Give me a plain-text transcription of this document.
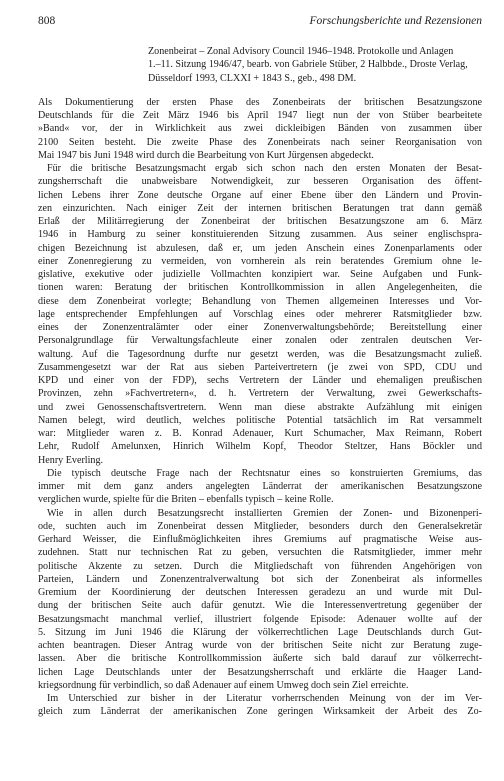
808	Forschungsberichte und Rezensionen
Zonenbeirat – Zonal Advisory Council 1946–1948. Protokolle und Anlagen
1.–11. Sitzung 1946/47, bearb. von Gabriele Stüber, 2 Halbbde., Droste Verlag,
Düsseldorf 1993, CLXXI + 1843 S., geb., 498 DM.
Als Dokumentierung der ersten Phase des Zonenbeirats der britischen Besatzungszone
Deutschlands für die Zeit März 1946 bis April 1947 liegt nun der von Stüber bearbeitete
»Band« vor, der in Wirklichkeit aus zwei dickleibigen Bänden von zusammen über
2100 Seiten besteht. Die zweite Phase des Zonenbeirats nach seiner Reorganisation von
Mai 1947 bis Juni 1948 wird durch die Bearbeitung von Kurt Jürgensen abgedeckt.
Für die britische Besatzungsmacht ergab sich schon nach den ersten Monaten der Besat-
zungsherrschaft die unabweisbare Notwendigkeit, zur besseren Organisation des öffent-
lichen Lebens ihrer Zone deutsche Organe auf einer Ebene über den Ländern und Provin-
zen einzurichten. Nach einiger Zeit der internen britischen Beratungen trat dann gemäß
Erlaß der Militärregierung der Zonenbeirat der britischen Besatzungszone am 6. März
1946 in Hamburg zu seiner konstituierenden Sitzung zusammen. Aus seiner englischspra-
chigen Bezeichnung ist abzulesen, daß er, um jeden Anschein eines Zonenparlaments oder
einer Zonenregierung zu vermeiden, von vornherein als rein beratendes Gremium ohne le-
gislative, exekutive oder judizielle Vollmachten konzipiert war. Seine Aufgaben und Funk-
tionen waren: Beratung der britischen Kontrollkommission in allen Angelegenheiten, die
diese dem Zonenbeirat vorlegte; Behandlung von Themen allgemeinen Interesses und Vor-
lage entsprechender Empfehlungen auf Vorschlag eines oder mehrerer Ratsmitglieder bzw.
eines der Zonenzentralämter oder einer Zonenverwaltungsbehörde; Bereitstellung einer
Personalgrundlage für Verwaltungsfachleute einer zonalen oder zentralen deutschen Ver-
waltung. Auf die Tagesordnung durfte nur gesetzt werden, was die Besatzungsmacht zuließ.
Zusammengesetzt war der Rat aus sieben Parteivertretern (je zwei von SPD, CDU und
KPD und einer von der FDP), sechs Vertretern der Länder und ehemaligen preußischen
Provinzen, zehn »Fachvertretern«, d. h. Vertretern der Verwaltung, zwei Gewerkschafts-
und zwei Genossenschaftsvertretern. Wenn man diese abstrakte Aufzählung mit einigen
Namen belegt, wird deutlich, welches politische Potential tatsächlich im Rat versammelt
war: Mitglieder waren z. B. Konrad Adenauer, Kurt Schumacher, Max Reimann, Robert
Lehr, Rudolf Amelunxen, Hinrich Wilhelm Kopf, Theodor Steltzer, Hans Böckler und
Henry Everling.
Die typisch deutsche Frage nach der Rechtsnatur eines so konstruierten Gremiums, das
immer mit dem ganz anders angelegten Länderrat der amerikanischen Besatzungszone
verglichen wurde, spielte für die Briten – ebenfalls typisch – keine Rolle.
Wie in allen durch Besatzungsrecht installierten Gremien der Zonen- und Bizonenperi-
ode, suchten auch im Zonenbeirat dessen Mitglieder, besonders durch den Generalsekretär
Gerhard Weisser, die Einflußmöglichkeiten ihres Gremiums auf pragmatische Weise aus-
zudehnen. Statt nur technischen Rat zu geben, versuchten die Ratsmitglieder, immer mehr
politische Akzente zu setzen. Durch die Mitgliedschaft von führenden Angehörigen von
Parteien, Ländern und Zonenzentralverwaltung bot sich der Zonenbeirat als informelles
Gremium der Koordinierung der deutschen Interessen geradezu an und wurde mit Dul-
dung der britischen Seite auch dafür genutzt. Wie die Interessenvertretung gegenüber der
Besatzungsmacht manchmal verlief, illustriert folgende Episode: Adenauer wollte auf der
5. Sitzung im Juni 1946 die Klärung der völkerrechtlichen Lage Deutschlands durch Gut-
achten beantragen. Dieser Antrag wurde von der britischen Seite nicht zur Beratung zuge-
lassen. Aber die britische Kontrollkommission äußerte sich bald darauf zur völkerrecht-
lichen Lage Deutschlands unter der Besatzungsherrschaft und erklärte die Haager Land-
kriegsordnung für verbindlich, so daß Adenauer auf einem Umweg doch sein Ziel erreichte.
Im Unterschied zur bisher in der Literatur vorherrschenden Meinung von der im Ver-
gleich zum Länderrat der amerikanischen Zone geringen Wirksamkeit der Arbeit des Zo-
